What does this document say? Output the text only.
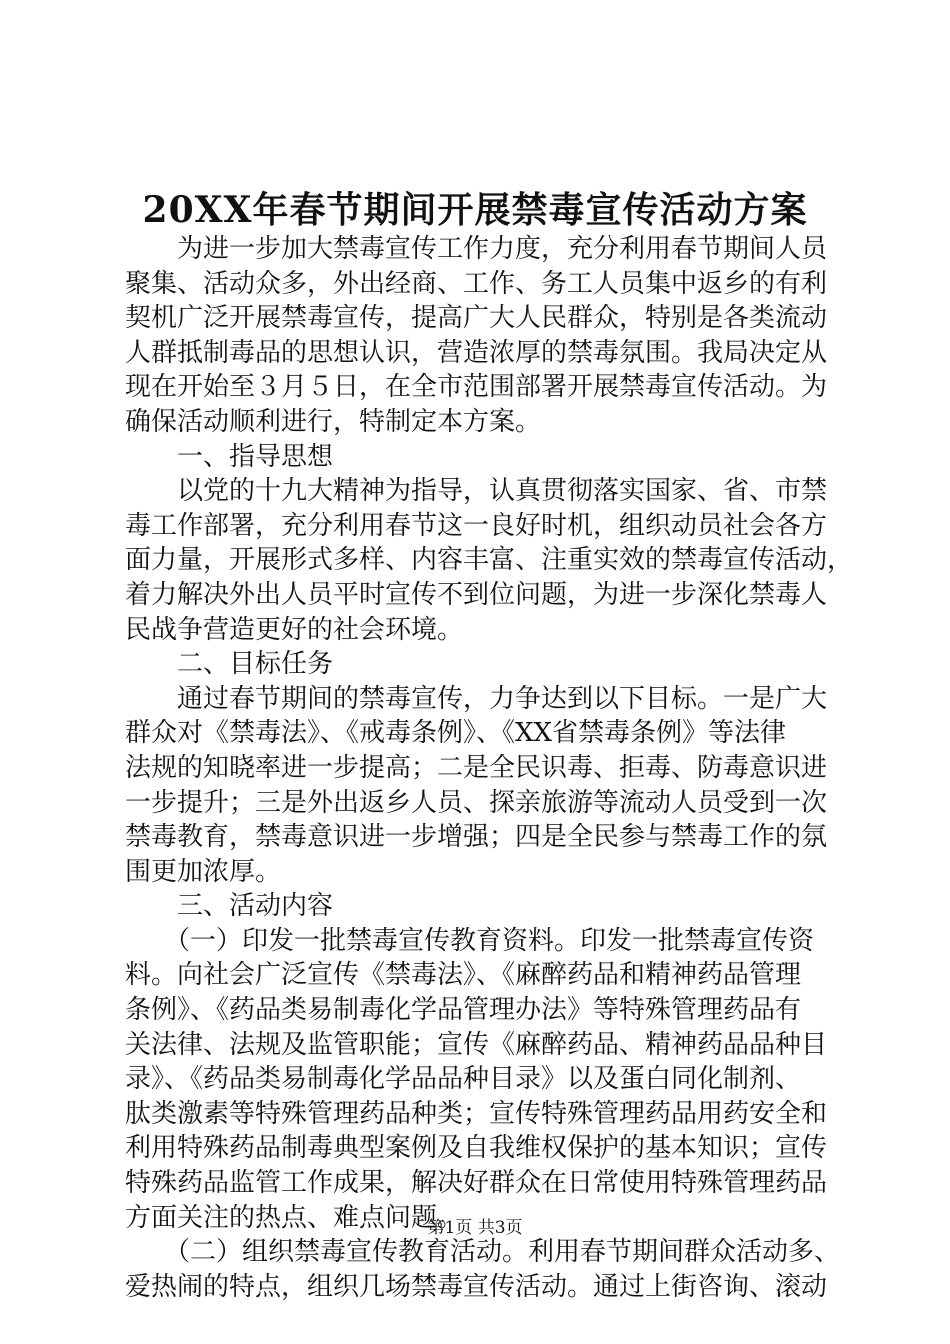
20XX年春节期间开展禁毒宣传活动方案
　　为进一步加大禁毒宣传工作力度，充分利用春节期间人员
聚集、活动众多，外出经商、工作、务工人员集中返乡的有利
契机广泛开展禁毒宣传，提高广大人民群众，特别是各类流动
人群抵制毒品的思想认识，营造浓厚的禁毒氛围。我局决定从
现在开始至３月５日，在全市范围部署开展禁毒宣传活动。为
确保活动顺利进行，特制定本方案。
　　一、指导思想
　　以党的十九大精神为指导，认真贯彻落实国家、省、市禁
毒工作部署，充分利用春节这一良好时机，组织动员社会各方
面力量，开展形式多样、内容丰富、注重实效的禁毒宣传活动，
着力解决外出人员平时宣传不到位问题，为进一步深化禁毒人
民战争营造更好的社会环境。
　　二、目标任务
　　通过春节期间的禁毒宣传，力争达到以下目标。一是广大
群众对《禁毒法》、《戒毒条例》、《XX省禁毒条例》等法律
法规的知晓率进一步提高；二是全民识毒、拒毒、防毒意识进
一步提升；三是外出返乡人员、探亲旅游等流动人员受到一次
禁毒教育，禁毒意识进一步增强；四是全民参与禁毒工作的氛
围更加浓厚。
　　三、活动内容
　　（一）印发一批禁毒宣传教育资料。印发一批禁毒宣传资
料。向社会广泛宣传《禁毒法》、《麻醉药品和精神药品管理
条例》、《药品类易制毒化学品管理办法》等特殊管理药品有
关法律、法规及监管职能；宣传《麻醉药品、精神药品品种目
录》、《药品类易制毒化学品品种目录》以及蛋白同化制剂、
肽类激素等特殊管理药品种类；宣传特殊管理药品用药安全和
利用特殊药品制毒典型案例及自我维权保护的基本知识；宣传
特殊药品监管工作成果，解决好群众在日常使用特殊管理药品
方面关注的热点、难点问题。
　　（二）组织禁毒宣传教育活动。利用春节期间群众活动多、
爱热闹的特点，组织几场禁毒宣传活动。通过上街咨询、滚动
第1页 共3页
